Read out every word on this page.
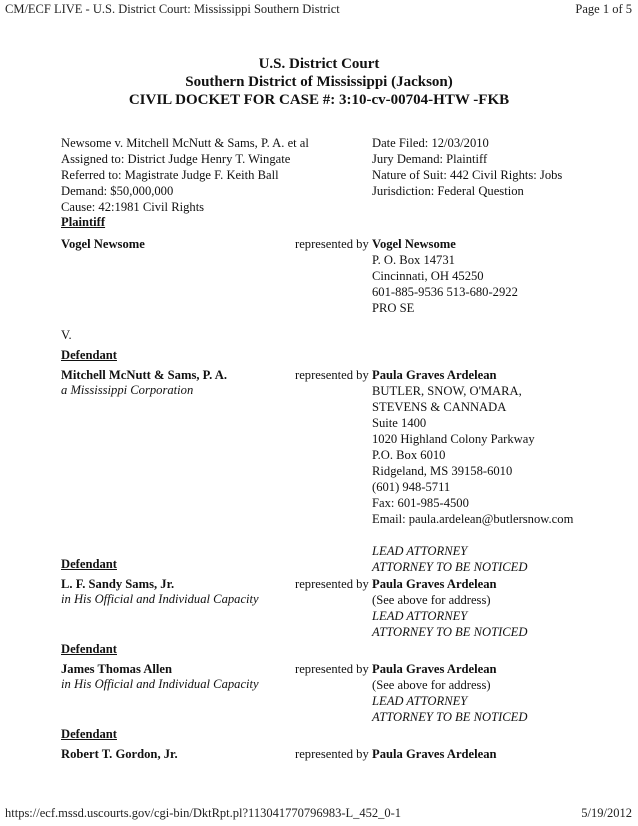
CM/ECF LIVE - U.S. District Court: Mississippi Southern District	Page 1 of 5
U.S. District Court
Southern District of Mississippi (Jackson)
CIVIL DOCKET FOR CASE #: 3:10-cv-00704-HTW -FKB
Newsome v. Mitchell McNutt & Sams, P. A. et al
Assigned to: District Judge Henry T. Wingate
Referred to: Magistrate Judge F. Keith Ball
Demand: $50,000,000
Cause: 42:1981 Civil Rights
Date Filed: 12/03/2010
Jury Demand: Plaintiff
Nature of Suit: 442 Civil Rights: Jobs
Jurisdiction: Federal Question
Plaintiff
Vogel Newsome	represented by Vogel Newsome
P. O. Box 14731
Cincinnati, OH 45250
601-885-9536 513-680-2922
PRO SE
V.
Defendant
Mitchell McNutt & Sams, P. A.
a Mississippi Corporation
represented by Paula Graves Ardelean
BUTLER, SNOW, O'MARA,
STEVENS & CANNADA
Suite 1400
1020 Highland Colony Parkway
P.O. Box 6010
Ridgeland, MS 39158-6010
(601) 948-5711
Fax: 601-985-4500
Email: paula.ardelean@butlersnow.com
LEAD ATTORNEY
ATTORNEY TO BE NOTICED
Defendant
L. F. Sandy Sams, Jr.
in His Official and Individual Capacity
represented by Paula Graves Ardelean
(See above for address)
LEAD ATTORNEY
ATTORNEY TO BE NOTICED
Defendant
James Thomas Allen
in His Official and Individual Capacity
represented by Paula Graves Ardelean
(See above for address)
LEAD ATTORNEY
ATTORNEY TO BE NOTICED
Defendant
Robert T. Gordon, Jr.	represented by Paula Graves Ardelean
https://ecf.mssd.uscourts.gov/cgi-bin/DktRpt.pl?113041770796983-L_452_0-1	5/19/2012
